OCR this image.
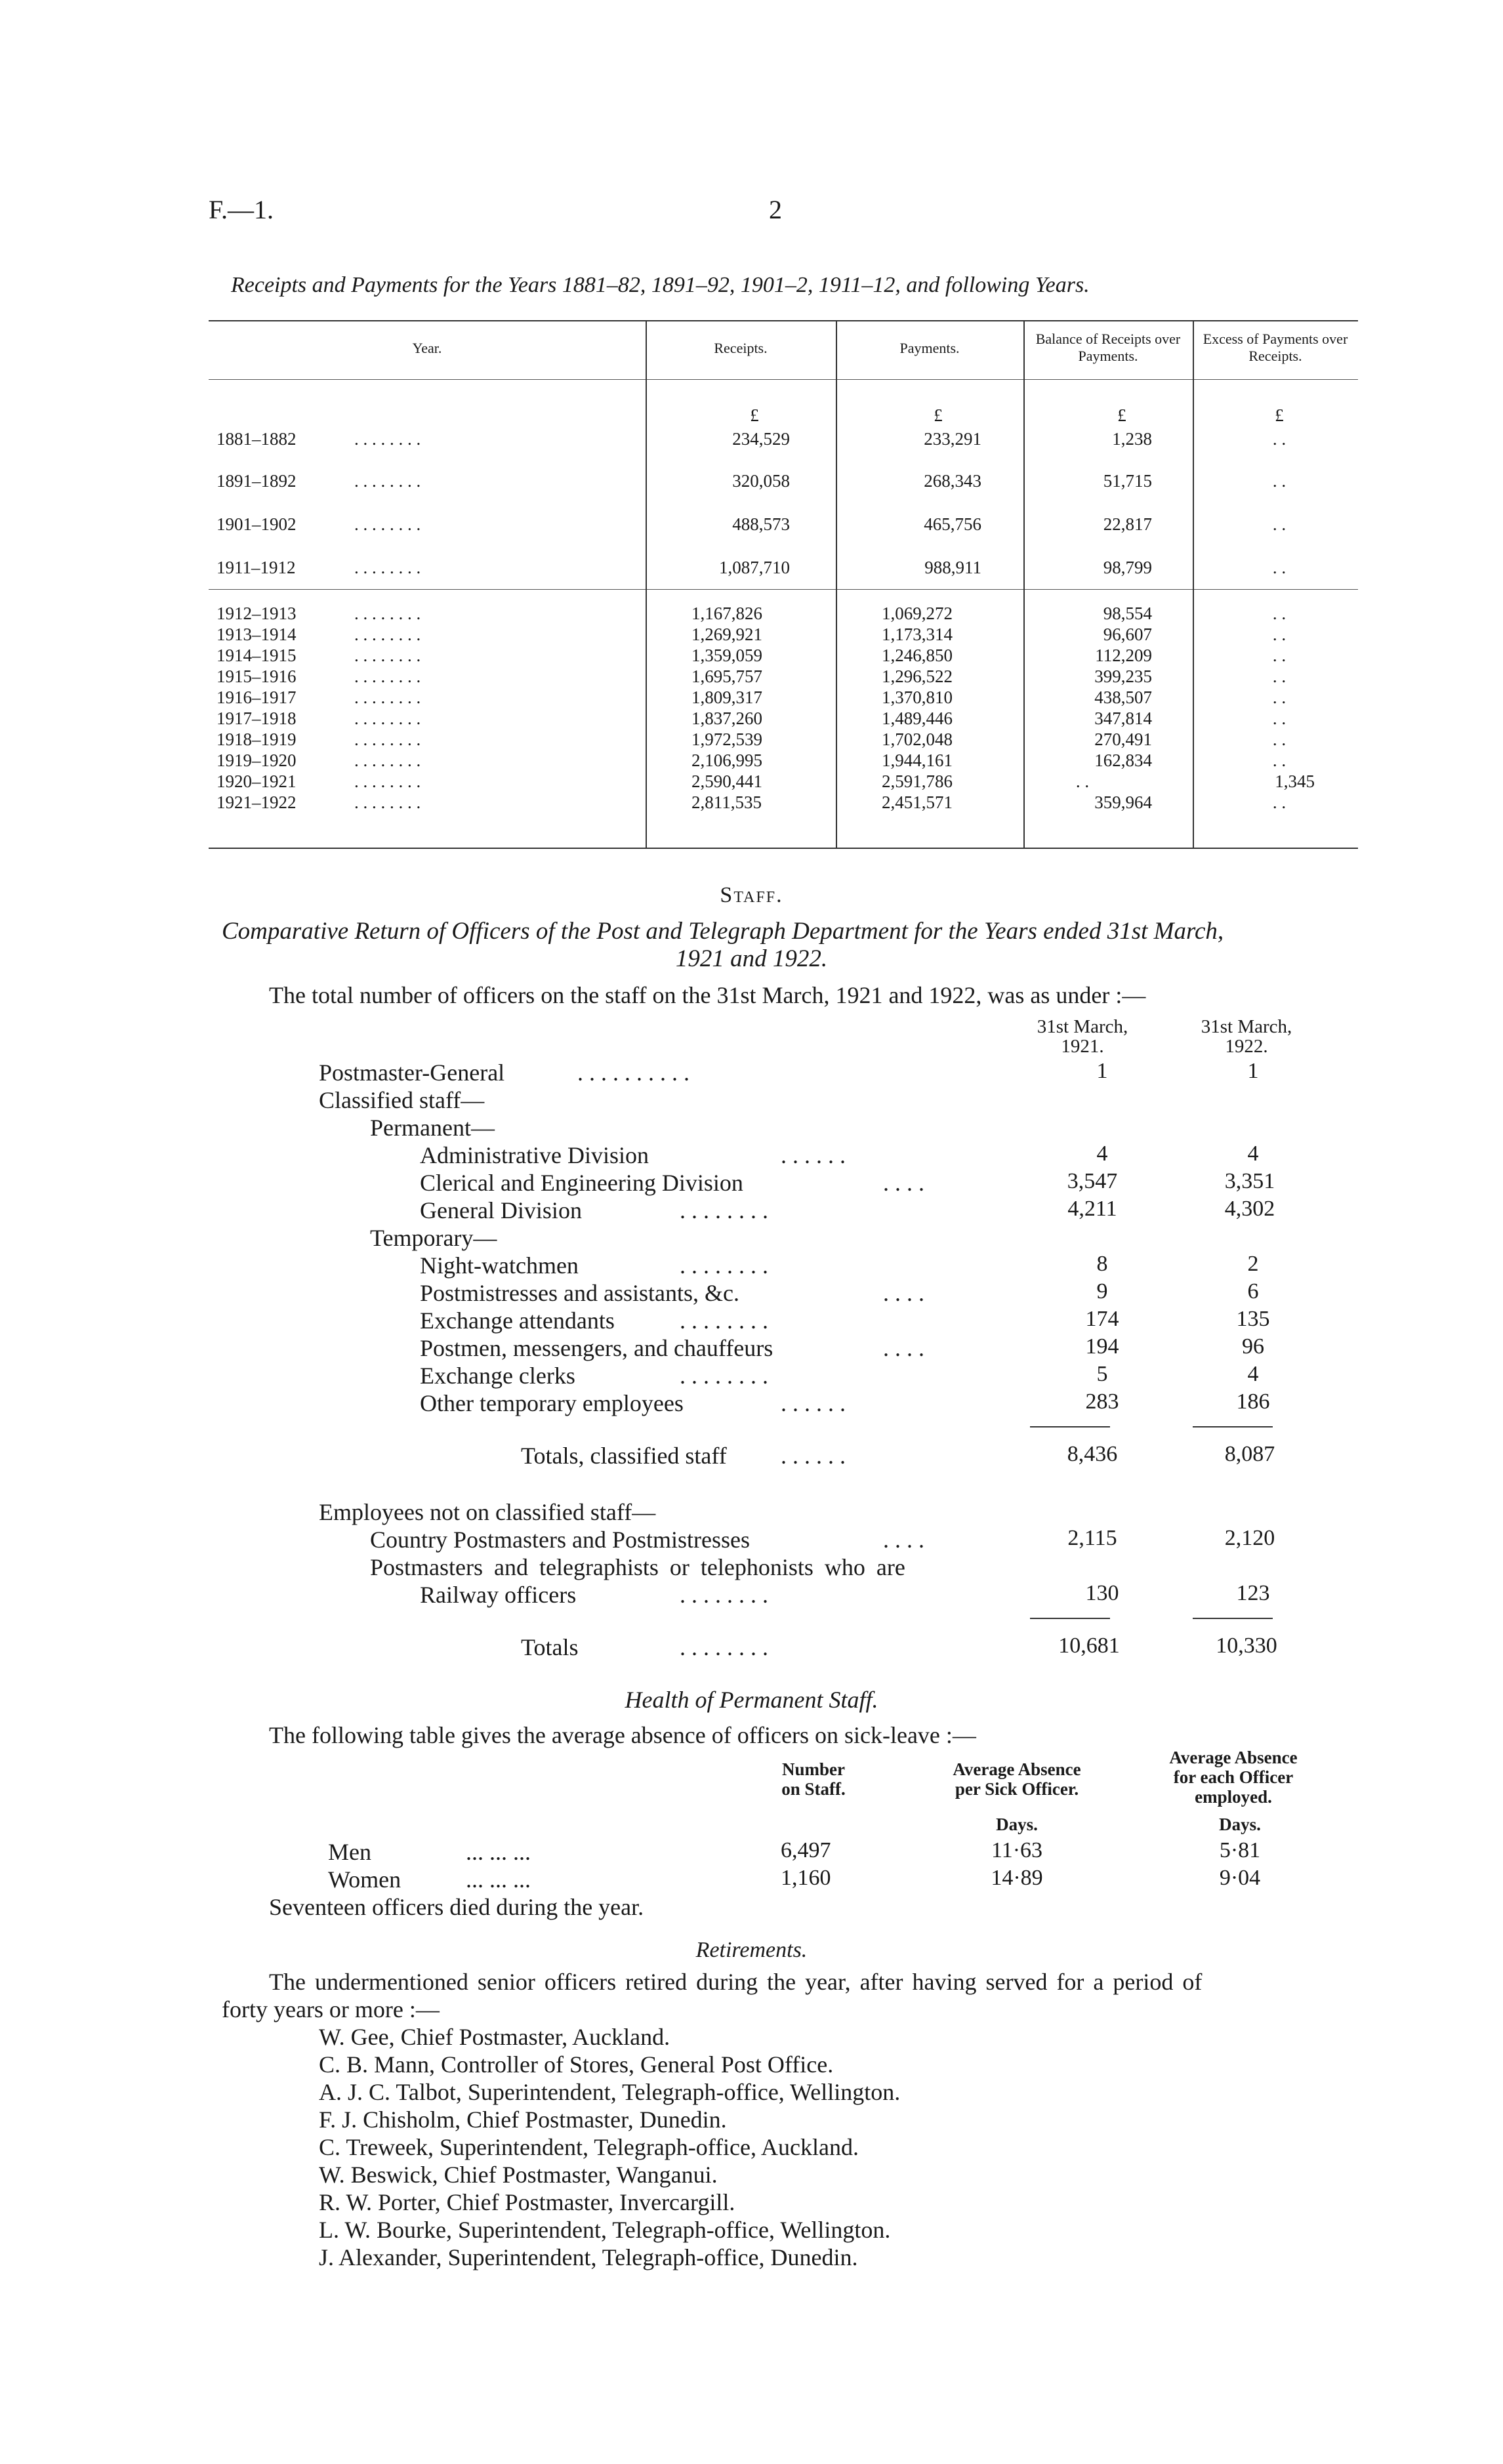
F.—1.	2
Receipts and Payments for the Years 1881–82, 1891–92, 1901–2, 1911–12, and following Years.
Year.	Receipts.	Payments.
Balance of Receipts over Payments.
Excess of Payments over Receipts.
£	£	£	£
1881–1882	. . . . . . . .	234,529	233,291	1,238	. .
1891–1892	. . . . . . . .	320,058	268,343	51,715	. .
1901–1902	. . . . . . . .	488,573	465,756	22,817	. .
1911–1912	. . . . . . . .	1,087,710	988,911	98,799	. .
1912–1913	. . . . . . . .	1,167,826	1,069,272	98,554	. .
1913–1914	. . . . . . . .	1,269,921	1,173,314	96,607	. .
1914–1915	. . . . . . . .	1,359,059	1,246,850	112,209	. .
1915–1916	. . . . . . . .	1,695,757	1,296,522	399,235	. .
1916–1917	. . . . . . . .	1,809,317	1,370,810	438,507	. .
1917–1918	. . . . . . . .	1,837,260	1,489,446	347,814	. .
1918–1919	. . . . . . . .	1,972,539	1,702,048	270,491	. .
1919–1920	. . . . . . . .	2,106,995	1,944,161	162,834	. .
1920–1921	. . . . . . . .	2,590,441	2,591,786	. .	1,345
1921–1922	. . . . . . . .	2,811,535	2,451,571	359,964	. .
Staff.
Comparative Return of Officers of the Post and Telegraph Department for the Years ended 31st March,
1921 and 1922.
The total number of officers on the staff on the 31st March, 1921 and 1922, was as under :—
31st March,
1921.
31st March,
1922.
Postmaster-General	. . . . . . . . . .	1	1
Classified staff—
Permanent—
Administrative Division	. . . . . .	4	4
Clerical and Engineering Division	. . . .	3,547	3,351
General Division	. . . . . . . .	4,211	4,302
Temporary—
Night-watchmen	. . . . . . . .	8	2
Postmistresses and assistants, &c.	. . . .	9	6
Exchange attendants	. . . . . . . .	174	135
Postmen, messengers, and chauffeurs	. . . .	194	96
Exchange clerks	. . . . . . . .	5	4
Other temporary employees	. . . . . .	283	186
Totals, classified staff . . . . . .	8,436	8,087
Employees not on classified staff—
Country Postmasters and Postmistresses	. . . .	2,115	2,120
Postmasters and telegraphists or telephonists who are
Railway officers	. . . . . . . .	130	123
Totals	. . . . . . . .	10,681	10,330
Health of Permanent Staff.
The following table gives the average absence of officers on sick-leave :—
Number
on Staff.
Average Absence
per Sick Officer.
Average Absence
for each Officer
employed.
Days.	Days.
Men	... ... ...	6,497	11·63	5·81
Women	... ... ...	1,160	14·89	9·04
Seventeen officers died during the year.
Retirements.
The undermentioned senior officers retired during the year, after having served for a period of
forty years or more :—
W. Gee, Chief Postmaster, Auckland.
C. B. Mann, Controller of Stores, General Post Office.
A. J. C. Talbot, Superintendent, Telegraph-office, Wellington.
F. J. Chisholm, Chief Postmaster, Dunedin.
C. Treweek, Superintendent, Telegraph-office, Auckland.
W. Beswick, Chief Postmaster, Wanganui.
R. W. Porter, Chief Postmaster, Invercargill.
L. W. Bourke, Superintendent, Telegraph-office, Wellington.
J. Alexander, Superintendent, Telegraph-office, Dunedin.
